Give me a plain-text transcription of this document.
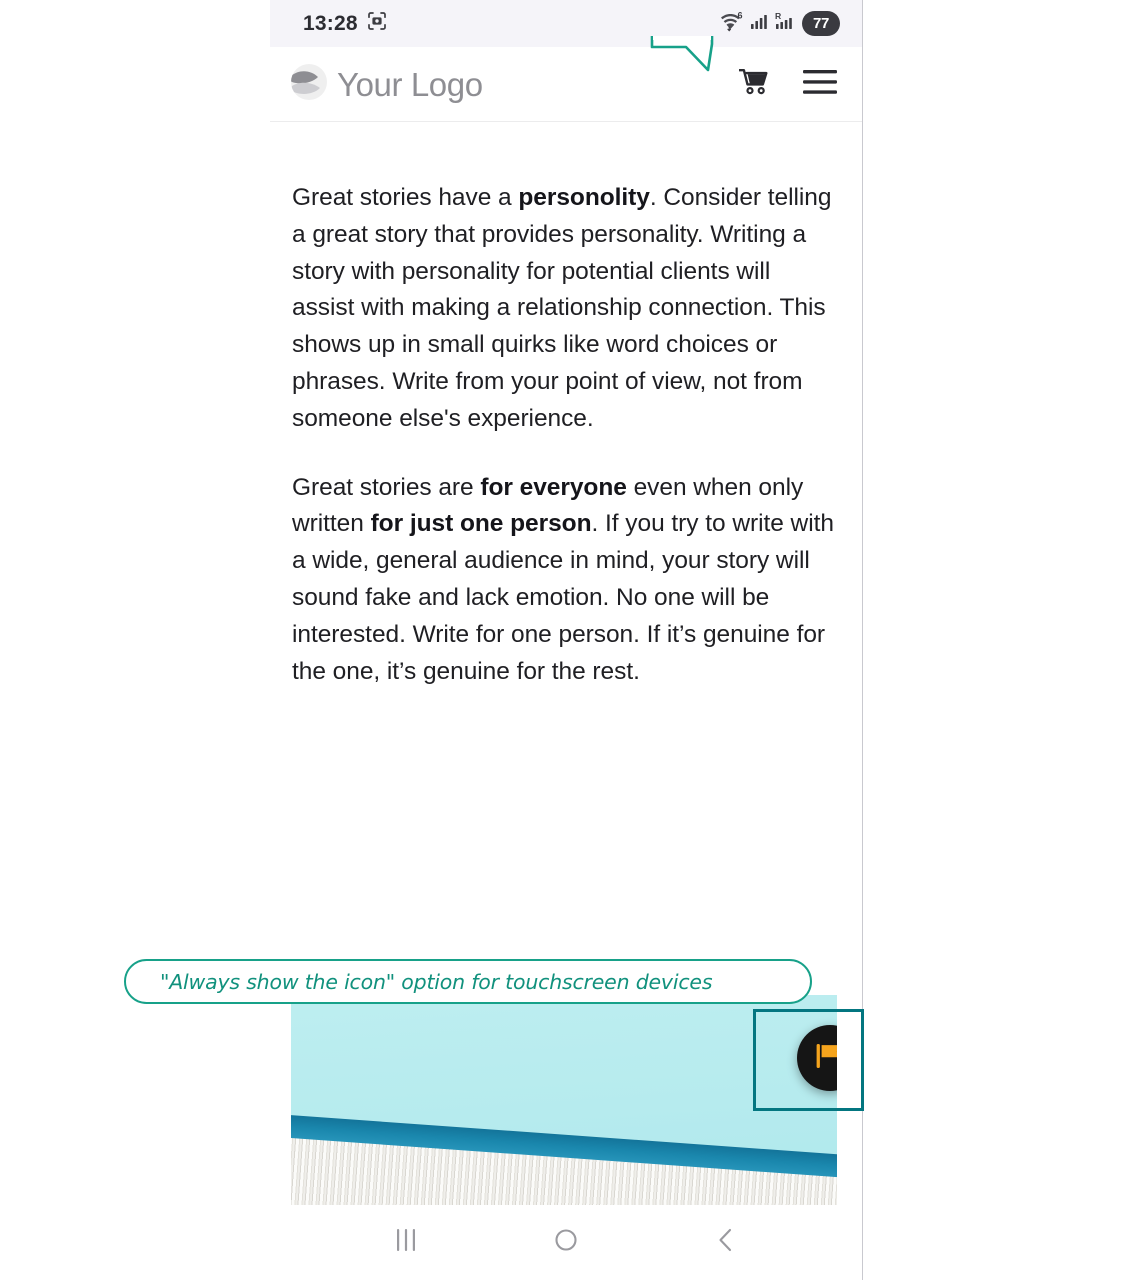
13:28	6	R	77
Your Logo

Great stories have a personolity. Consider telling a great story that provides personality. Writing a story with personality for potential clients will assist with making a relationship connection. This shows up in small quirks like word choices or phrases. Write from your point of view, not from someone else's experience.

Great stories are for everyone even when only written for just one person. If you try to write with a wide, general audience in mind, your story will sound fake and lack emotion. No one will be interested. Write for one person. If it’s genuine for the one, it’s genuine for the rest.

"Always show the icon" option for touchscreen devices
